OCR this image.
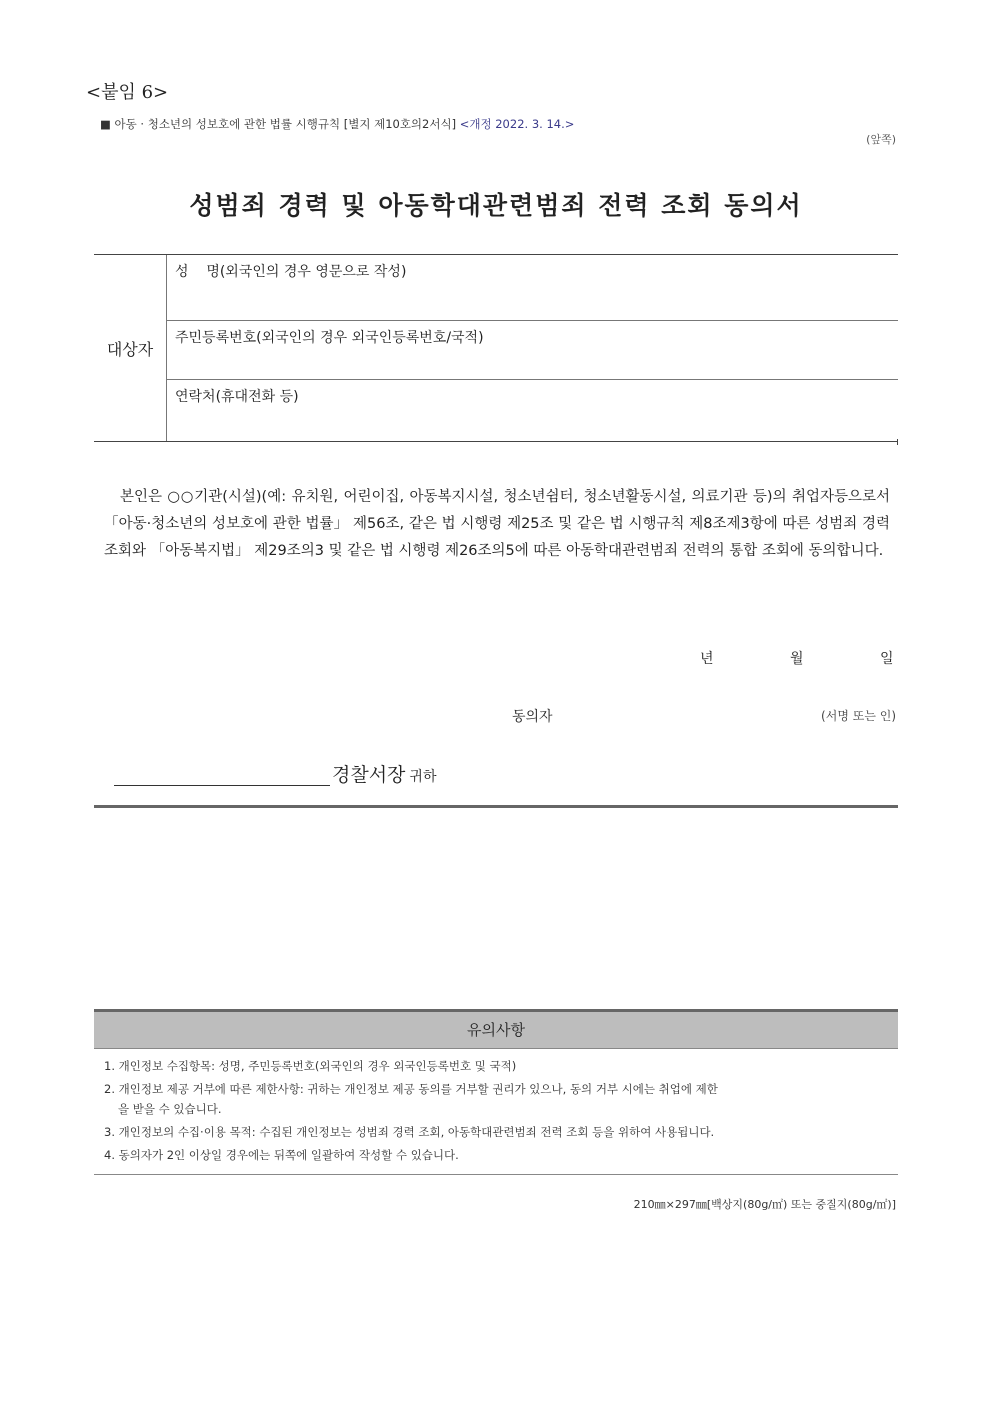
<붙임 6>
■ 아동 · 청소년의 성보호에 관한 법률 시행규칙 [별지 제10호의2서식] <개정 2022. 3. 14.>
(앞쪽)
성범죄 경력 및 아동학대관련범죄 전력 조회 동의서
대상자
성    명(외국인의 경우 영문으로 작성)
주민등록번호(외국인의 경우 외국인등록번호/국적)
연락처(휴대전화 등)
본인은 ○○기관(시설)(예: 유치원, 어린이집, 아동복지시설, 청소년쉼터, 청소년활동시설, 의료기관 등)의 취업자등으로서 「아동·청소년의 성보호에 관한 법률」 제56조, 같은 법 시행령 제25조 및 같은 법 시행규칙 제8조제3항에 따른 성범죄 경력 조회와 「아동복지법」 제29조의3 및 같은 법 시행령 제26조의5에 따른 아동학대관련범죄 전력의 통합 조회에 동의합니다.
년	월	일
동의자	(서명 또는 인)
경찰서장 귀하
유의사항
1. 개인정보 수집항목: 성명, 주민등록번호(외국인의 경우 외국인등록번호 및 국적)
2. 개인정보 제공 거부에 따른 제한사항: 귀하는 개인정보 제공 동의를 거부할 권리가 있으나, 동의 거부 시에는 취업에 제한
을 받을 수 있습니다.
3. 개인정보의 수집·이용 목적: 수집된 개인정보는 성범죄 경력 조회, 아동학대관련범죄 전력 조회 등을 위하여 사용됩니다.
4. 동의자가 2인 이상일 경우에는 뒤쪽에 일괄하여 작성할 수 있습니다.
210㎜×297㎜[백상지(80g/㎡) 또는 중질지(80g/㎡)]
